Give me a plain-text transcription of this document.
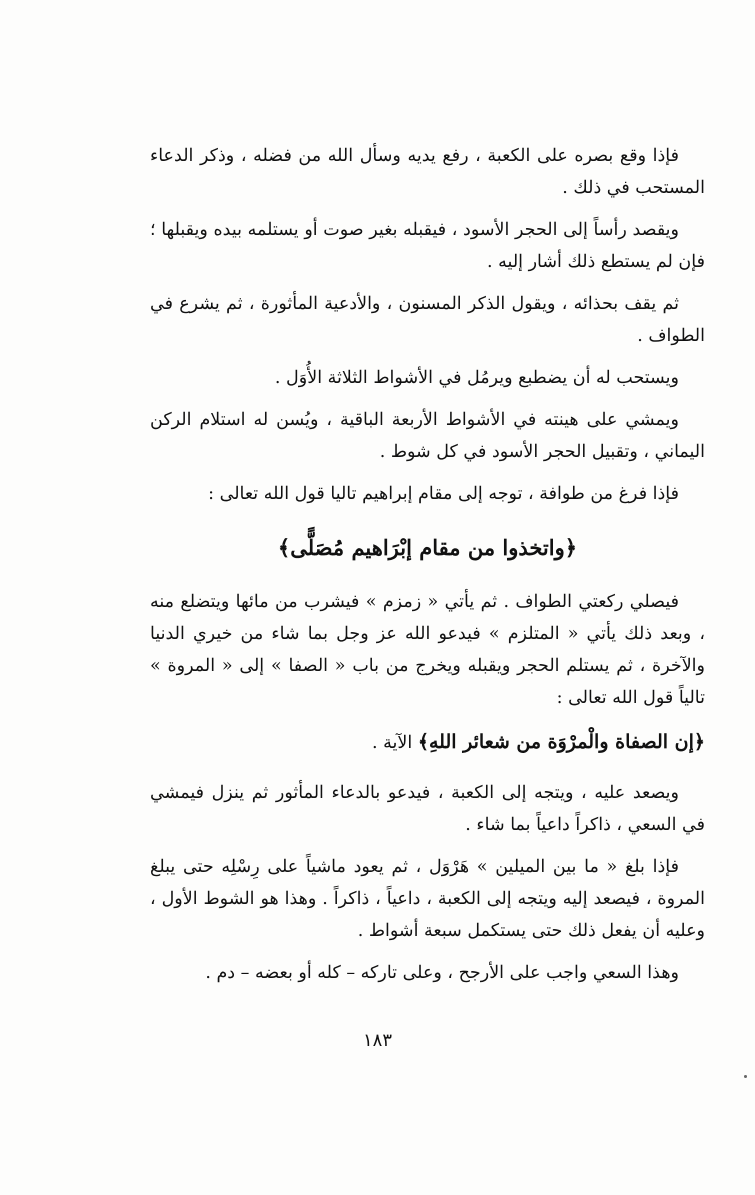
فإذا وقع بصره على الكعبة ، رفع يديه وسأل الله من فضله ، وذكر الدعاء المستحب في ذلك .

ويقصد رأساً إلى الحجر الأسود ، فيقبله بغير صوت أو يستلمه بيده ويقبلها ؛ فإن لم يستطع ذلك أشار إليه .

ثم يقف بحذائه ، ويقول الذكر المسنون ، والأدعية المأثورة ، ثم يشرع في الطواف .

ويستحب له أن يضطبع ويرمُل في الأشواط الثلاثة الأُوَل .

ويمشي على هينته في الأشواط الأربعة الباقية ، ويُسن له استلام الركن اليماني ، وتقبيل الحجر الأسود في كل شوط .

فإذا فرغ من طوافة ، توجه إلى مقام إبراهيم تاليا قول الله تعالى :

﴿واتخذوا من مقام إبْرَاهيم مُصَلًّى﴾

فيصلي ركعتي الطواف . ثم يأتي « زمزم » فيشرب من مائها ويتضلع منه ، وبعد ذلك يأتي « المتلزم » فيدعو الله عز وجل بما شاء من خيري الدنيا والآخرة ، ثم يستلم الحجر ويقبله ويخرج من باب « الصفا » إلى « المروة » تالياً قول الله تعالى :

﴿إن الصفاة والْمرْوَة من شعائر اللهِ﴾ الآية .

ويصعد عليه ، ويتجه إلى الكعبة ، فيدعو بالدعاء المأثور ثم ينزل فيمشي في السعي ، ذاكراً داعياً بما شاء .

فإذا بلغ « ما بين الميلين » هَرْوَل ، ثم يعود ماشياً على رِسْلِه حتى يبلغ المروة ، فيصعد إليه ويتجه إلى الكعبة ، داعياً ، ذاكراً . وهذا هو الشوط الأول ، وعليه أن يفعل ذلك حتى يستكمل سبعة أشواط .

وهذا السعي واجب على الأرجح ، وعلى تاركه – كله أو بعضه – دم .

١٨٣
